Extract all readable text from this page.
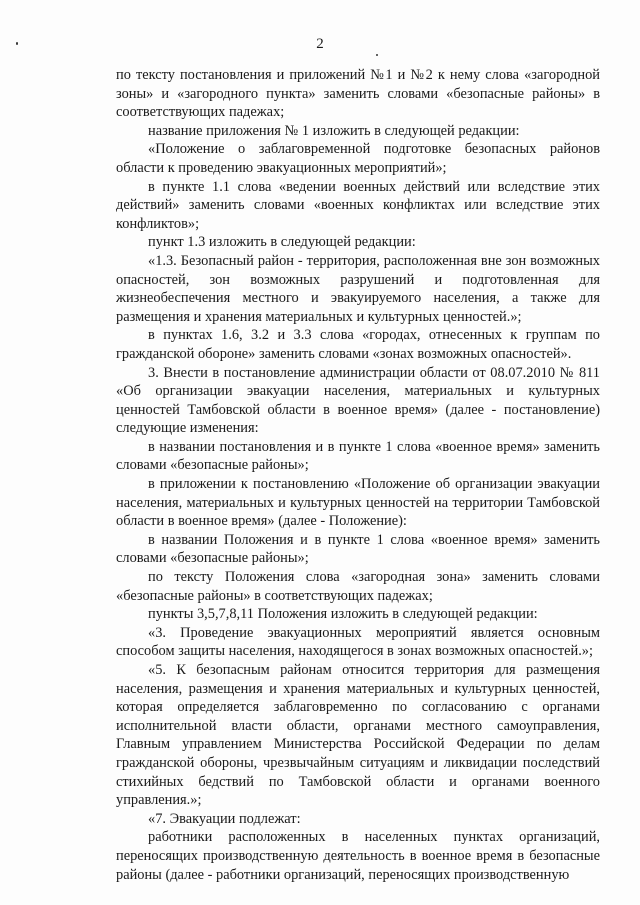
2

по тексту постановления и приложений №1 и №2 к нему слова «загородной зоны» и «загородного пункта» заменить словами «безопасные районы» в соответствующих падежах;

название приложения № 1 изложить в следующей редакции:

«Положение о заблаговременной подготовке безопасных районов области к проведению эвакуационных мероприятий»;

в пункте 1.1 слова «ведении военных действий или вследствие этих действий» заменить словами «военных конфликтах или вследствие этих конфликтов»;

пункт 1.3 изложить в следующей редакции:

«1.3. Безопасный район - территория, расположенная вне зон возможных опасностей, зон возможных разрушений и подготовленная для жизнеобеспечения местного и эвакуируемого населения, а также для размещения и хранения материальных и культурных ценностей.»;

в пунктах 1.6, 3.2 и 3.3 слова «городах, отнесенных к группам по гражданской обороне» заменить словами «зонах возможных опасностей».

3. Внести в постановление администрации области от 08.07.2010 № 811 «Об организации эвакуации населения, материальных и культурных ценностей Тамбовской области в военное время» (далее - постановление) следующие изменения:

в названии постановления и в пункте 1 слова «военное время» заменить словами «безопасные районы»;

в приложении к постановлению «Положение об организации эвакуации населения, материальных и культурных ценностей на территории Тамбовской области в военное время» (далее - Положение):

в названии Положения и в пункте 1 слова «военное время» заменить словами «безопасные районы»;

по тексту Положения слова «загородная зона» заменить словами «безопасные районы» в соответствующих падежах;

пункты 3,5,7,8,11 Положения изложить в следующей редакции:

«3. Проведение эвакуационных мероприятий является основным способом защиты населения, находящегося в зонах возможных опасностей.»;

«5. К безопасным районам относится территория для размещения населения, размещения и хранения материальных и культурных ценностей, которая определяется заблаговременно по согласованию с органами исполнительной власти области, органами местного самоуправления, Главным управлением Министерства Российской Федерации по делам гражданской обороны, чрезвычайным ситуациям и ликвидации последствий стихийных бедствий по Тамбовской области и органами военного управления.»;

«7. Эвакуации подлежат:

работники расположенных в населенных пунктах организаций, переносящих производственную деятельность в военное время в безопасные районы (далее - работники организаций, переносящих производственную
